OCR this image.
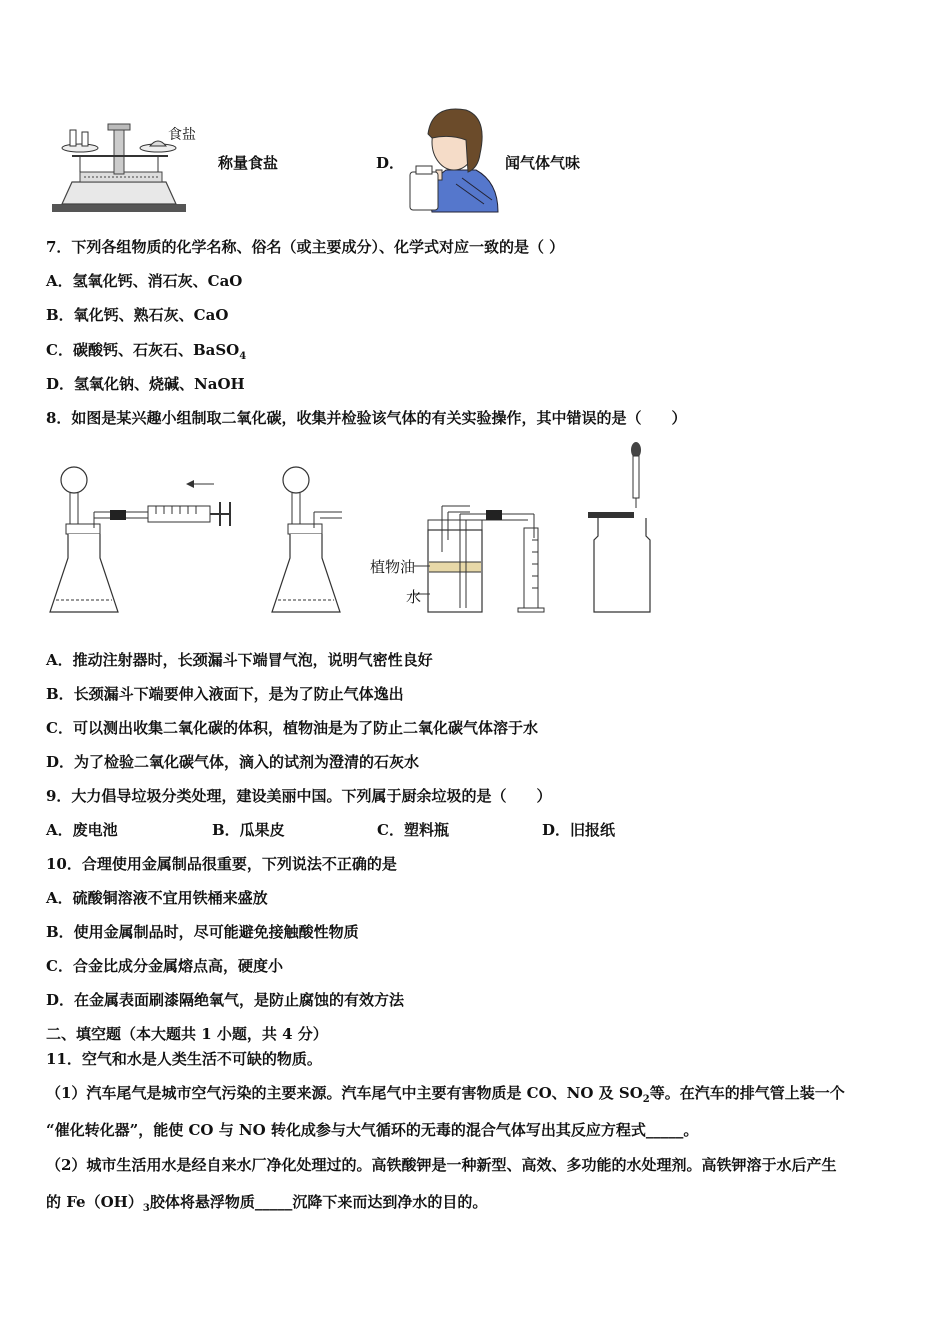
食盐
称量食盐	D．	闻气体气味
7．下列各组物质的化学名称、俗名（或主要成分）、化学式对应一致的是（ ）
A．氢氧化钙、消石灰、CaO
B．氧化钙、熟石灰、CaO
C．碳酸钙、石灰石、BaSO$_4$
D．氢氧化钠、烧碱、NaOH
8．如图是某兴趣小组制取二氧化碳，收集并检验该气体的有关实验操作，其中错误的是（　　）
植物油
水
A．推动注射器时，长颈漏斗下端冒气泡，说明气密性良好
B．长颈漏斗下端要伸入液面下，是为了防止气体逸出
C．可以测出收集二氧化碳的体积，植物油是为了防止二氧化碳气体溶于水
D．为了检验二氧化碳气体，滴入的试剂为澄清的石灰水
9．大力倡导垃圾分类处理，建设美丽中国。下列属于厨余垃圾的是（　　）
A．废电池	B．瓜果皮	C．塑料瓶	D．旧报纸
10．合理使用金属制品很重要，下列说法不正确的是
A．硫酸铜溶液不宜用铁桶来盛放
B．使用金属制品时，尽可能避免接触酸性物质
C．合金比成分金属熔点高，硬度小
D．在金属表面刷漆隔绝氧气，是防止腐蚀的有效方法
二、填空题（本大题共 1 小题，共 4 分）
11．空气和水是人类生活不可缺的物质。
（1）汽车尾气是城市空气污染的主要来源。汽车尾气中主要有害物质是 CO、NO 及 $SO_2$等。在汽车的排气管上装一个
“催化转化器”，能使 CO 与 NO 转化成参与大气循环的无毒的混合气体写出其反应方程式_____。
（2）城市生活用水是经自来水厂净化处理过的。高铁酸钾是一种新型、高效、多功能的水处理剂。高铁钾溶于水后产生
的 $Fe(OH)_3$胶体将悬浮物质_____沉降下来而达到净水的目的。
